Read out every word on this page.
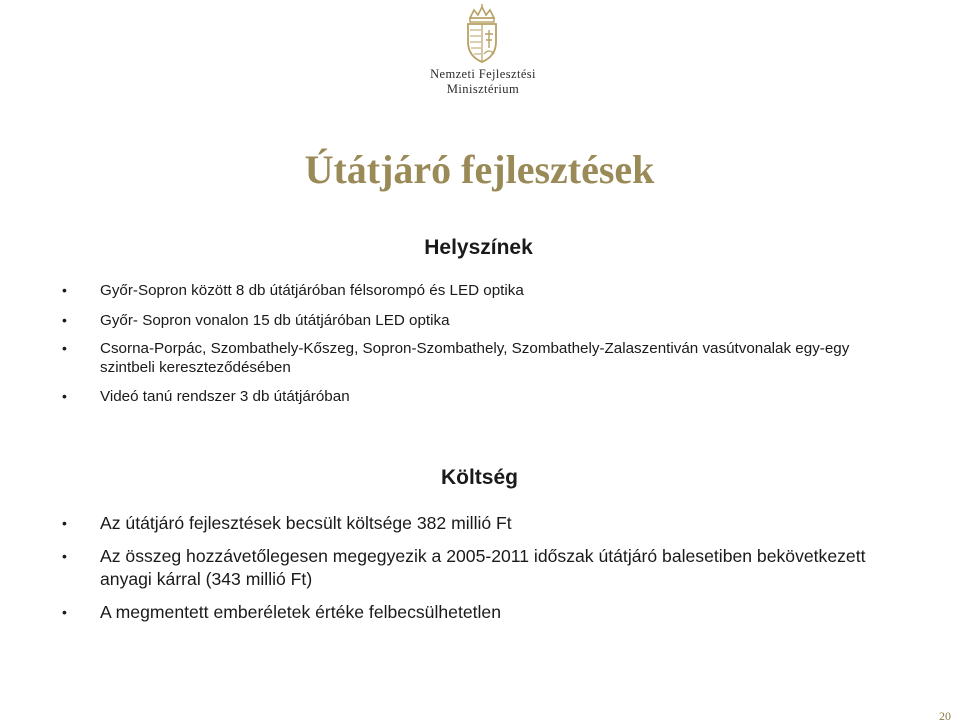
Nemzeti Fejlesztési
Minisztérium
Útátjáró fejlesztések
Helyszínek
• Győr-Sopron között 8 db útátjáróban félsorompó és LED optika
• Győr- Sopron vonalon 15 db útátjáróban LED optika
• Csorna-Porpác, Szombathely-Kőszeg, Sopron-Szombathely, Szombathely-Zalaszentiván vasútvonalak egy-egy szintbeli kereszteződésében
• Videó tanú rendszer 3 db útátjáróban
Költség
• Az útátjáró fejlesztések becsült költsége 382 millió Ft
• Az összeg hozzávetőlegesen megegyezik a 2005-2011 időszak útátjáró balesetiben bekövetkezett anyagi kárral (343 millió Ft)
• A megmentett emberéletek értéke felbecsülhetetlen
20
